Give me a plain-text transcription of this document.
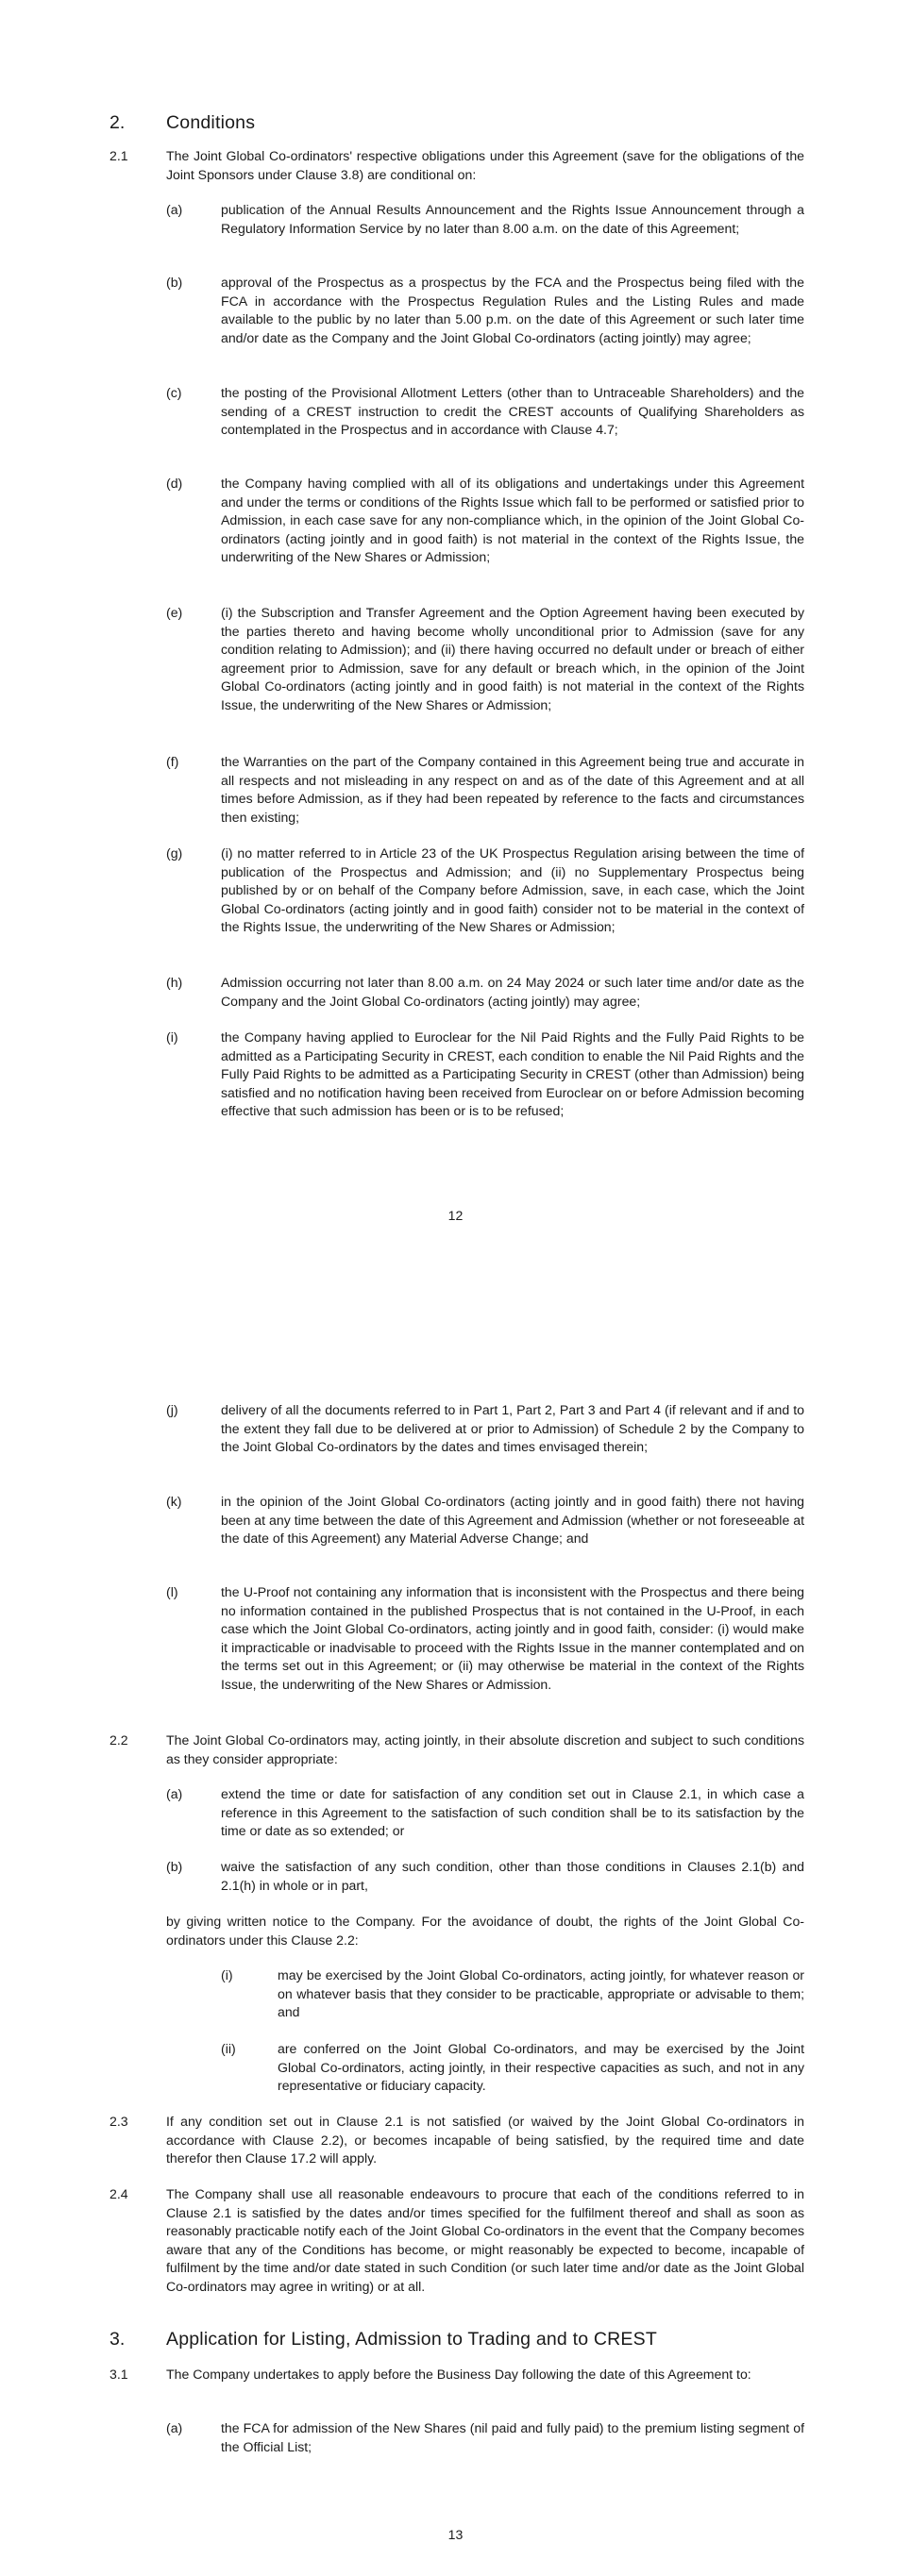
2. Conditions
2.1	The Joint Global Co-ordinators' respective obligations under this Agreement (save for the obligations of the Joint Sponsors under Clause 3.8) are conditional on:
(a)	publication of the Annual Results Announcement and the Rights Issue Announcement through a Regulatory Information Service by no later than 8.00 a.m. on the date of this Agreement;
(b)	approval of the Prospectus as a prospectus by the FCA and the Prospectus being filed with the FCA in accordance with the Prospectus Regulation Rules and the Listing Rules and made available to the public by no later than 5.00 p.m. on the date of this Agreement or such later time and/or date as the Company and the Joint Global Co-ordinators (acting jointly) may agree;
(c)	the posting of the Provisional Allotment Letters (other than to Untraceable Shareholders) and the sending of a CREST instruction to credit the CREST accounts of Qualifying Shareholders as contemplated in the Prospectus and in accordance with Clause 4.7;
(d)	the Company having complied with all of its obligations and undertakings under this Agreement and under the terms or conditions of the Rights Issue which fall to be performed or satisfied prior to Admission, in each case save for any non-compliance which, in the opinion of the Joint Global Co-ordinators (acting jointly and in good faith) is not material in the context of the Rights Issue, the underwriting of the New Shares or Admission;
(e)	(i) the Subscription and Transfer Agreement and the Option Agreement having been executed by the parties thereto and having become wholly unconditional prior to Admission (save for any condition relating to Admission); and (ii) there having occurred no default under or breach of either agreement prior to Admission, save for any default or breach which, in the opinion of the Joint Global Co-ordinators (acting jointly and in good faith) is not material in the context of the Rights Issue, the underwriting of the New Shares or Admission;
(f)	the Warranties on the part of the Company contained in this Agreement being true and accurate in all respects and not misleading in any respect on and as of the date of this Agreement and at all times before Admission, as if they had been repeated by reference to the facts and circumstances then existing;
(g)	(i) no matter referred to in Article 23 of the UK Prospectus Regulation arising between the time of publication of the Prospectus and Admission; and (ii) no Supplementary Prospectus being published by or on behalf of the Company before Admission, save, in each case, which the Joint Global Co-ordinators (acting jointly and in good faith) consider not to be material in the context of the Rights Issue, the underwriting of the New Shares or Admission;
(h)	Admission occurring not later than 8.00 a.m. on 24 May 2024 or such later time and/or date as the Company and the Joint Global Co-ordinators (acting jointly) may agree;
(i)	the Company having applied to Euroclear for the Nil Paid Rights and the Fully Paid Rights to be admitted as a Participating Security in CREST, each condition to enable the Nil Paid Rights and the Fully Paid Rights to be admitted as a Participating Security in CREST (other than Admission) being satisfied and no notification having been received from Euroclear on or before Admission becoming effective that such admission has been or is to be refused;
12
(j)	delivery of all the documents referred to in Part 1, Part 2, Part 3 and Part 4 (if relevant and if and to the extent they fall due to be delivered at or prior to Admission) of Schedule 2 by the Company to the Joint Global Co-ordinators by the dates and times envisaged therein;
(k)	in the opinion of the Joint Global Co-ordinators (acting jointly and in good faith) there not having been at any time between the date of this Agreement and Admission (whether or not foreseeable at the date of this Agreement) any Material Adverse Change; and
(l)	the U-Proof not containing any information that is inconsistent with the Prospectus and there being no information contained in the published Prospectus that is not contained in the U-Proof, in each case which the Joint Global Co-ordinators, acting jointly and in good faith, consider: (i) would make it impracticable or inadvisable to proceed with the Rights Issue in the manner contemplated and on the terms set out in this Agreement; or (ii) may otherwise be material in the context of the Rights Issue, the underwriting of the New Shares or Admission.
2.2	The Joint Global Co-ordinators may, acting jointly, in their absolute discretion and subject to such conditions as they consider appropriate:
(a)	extend the time or date for satisfaction of any condition set out in Clause 2.1, in which case a reference in this Agreement to the satisfaction of such condition shall be to its satisfaction by the time or date as so extended; or
(b)	waive the satisfaction of any such condition, other than those conditions in Clauses 2.1(b) and 2.1(h) in whole or in part,
by giving written notice to the Company. For the avoidance of doubt, the rights of the Joint Global Co-ordinators under this Clause 2.2:
(i)	may be exercised by the Joint Global Co-ordinators, acting jointly, for whatever reason or on whatever basis that they consider to be practicable, appropriate or advisable to them; and
(ii)	are conferred on the Joint Global Co-ordinators, and may be exercised by the Joint Global Co-ordinators, acting jointly, in their respective capacities as such, and not in any representative or fiduciary capacity.
2.3	If any condition set out in Clause 2.1 is not satisfied (or waived by the Joint Global Co-ordinators in accordance with Clause 2.2), or becomes incapable of being satisfied, by the required time and date therefor then Clause 17.2 will apply.
2.4	The Company shall use all reasonable endeavours to procure that each of the conditions referred to in Clause 2.1 is satisfied by the dates and/or times specified for the fulfilment thereof and shall as soon as reasonably practicable notify each of the Joint Global Co-ordinators in the event that the Company becomes aware that any of the Conditions has become, or might reasonably be expected to become, incapable of fulfilment by the time and/or date stated in such Condition (or such later time and/or date as the Joint Global Co-ordinators may agree in writing) or at all.
3. Application for Listing, Admission to Trading and to CREST
3.1	The Company undertakes to apply before the Business Day following the date of this Agreement to:
(a)	the FCA for admission of the New Shares (nil paid and fully paid) to the premium listing segment of the Official List;
13
